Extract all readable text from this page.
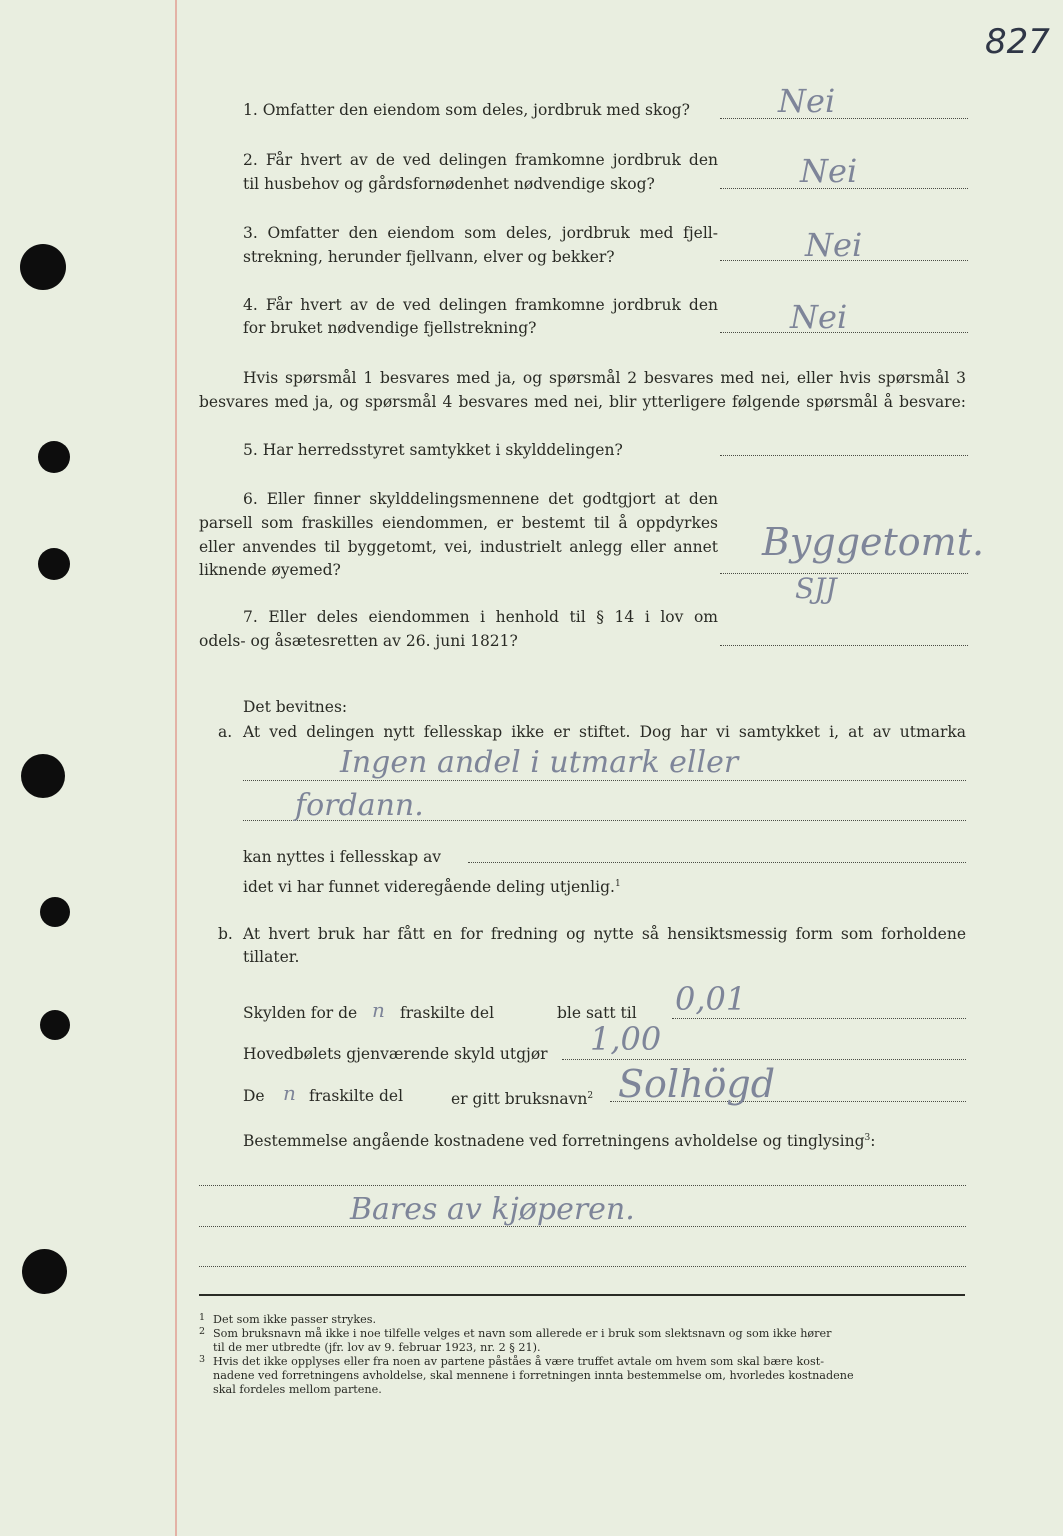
827
1. Omfatter den eiendom som deles, jordbruk med skog?	Nei
2. Får hvert av de ved delingen framkomne jordbruk den
til husbehov og gårdsfornødenhet nødvendige skog?	Nei
3. Omfatter den eiendom som deles, jordbruk med fjell-
strekning, herunder fjellvann, elver og bekker?	Nei
4. Får hvert av de ved delingen framkomne jordbruk den
for bruket nødvendige fjellstrekning?	Nei
Hvis spørsmål 1 besvares med ja, og spørsmål 2 besvares med nei, eller hvis spørsmål 3
besvares med ja, og spørsmål 4 besvares med nei, blir ytterligere følgende spørsmål å besvare:
5. Har herredsstyret samtykket i skylddelingen?
6. Eller finner skylddelingsmennene det godtgjort at den
parsell som fraskilles eiendommen, er bestemt til å oppdyrkes
eller anvendes til byggetomt, vei, industrielt anlegg eller annet
liknende øyemed?
Byggetomt.
SJJ
7. Eller deles eiendommen i henhold til § 14 i lov om
odels- og åsætesretten av 26. juni 1821?
Det bevitnes:
a. At ved delingen nytt fellesskap ikke er stiftet. Dog har vi samtykket i, at av utmarka
Ingen andel i utmark eller
fordann.
kan nyttes i fellesskap av
idet vi har funnet videregående deling utjenlig.$^1$
b. At hvert bruk har fått en for fredning og nytte så hensiktsmessig form som forholdene
tillater.
Skylden for de n fraskilte del	ble satt til 0,01
Hovedbølets gjenværende skyld utgjør 1,00
De n fraskilte del	er gitt bruksnavn$^2$ Solhögd
Bestemmelse angående kostnadene ved forretningens avholdelse og tinglysing$^3$:
Bares av kjøperen.
1 Det som ikke passer strykes.
2 Som bruksnavn må ikke i noe tilfelle velges et navn som allerede er i bruk som slektsnavn og som ikke hører
til de mer utbredte (jfr. lov av 9. februar 1923, nr. 2 § 21).
3 Hvis det ikke opplyses eller fra noen av partene påståes å være truffet avtale om hvem som skal bære kost-
nadene ved forretningens avholdelse, skal mennene i forretningen innta bestemmelse om, hvorledes kostnadene
skal fordeles mellom partene.
